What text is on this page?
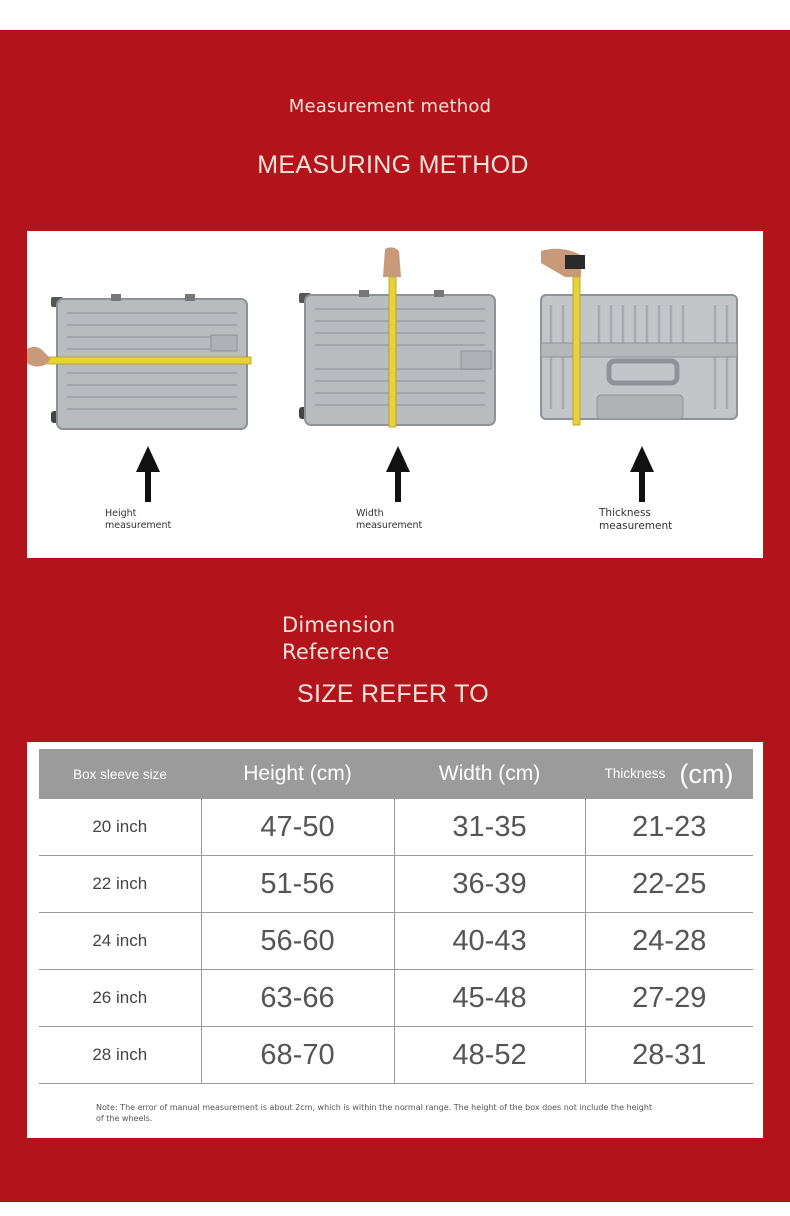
Measurement method
MEASURING METHOD
Height
measurement
Width
measurement
Thickness
measurement
Dimension
Reference
SIZE REFER TO
Box sleeve size	Height (cm)	Width (cm)	Thickness (cm)
20 inch	47-50	31-35	21-23
22 inch	51-56	36-39	22-25
24 inch	56-60	40-43	24-28
26 inch	63-66	45-48	27-29
28 inch	68-70	48-52	28-31
Note: The error of manual measurement is about 2cm, which is within the normal range. The height of the box does not include the height of the wheels.
